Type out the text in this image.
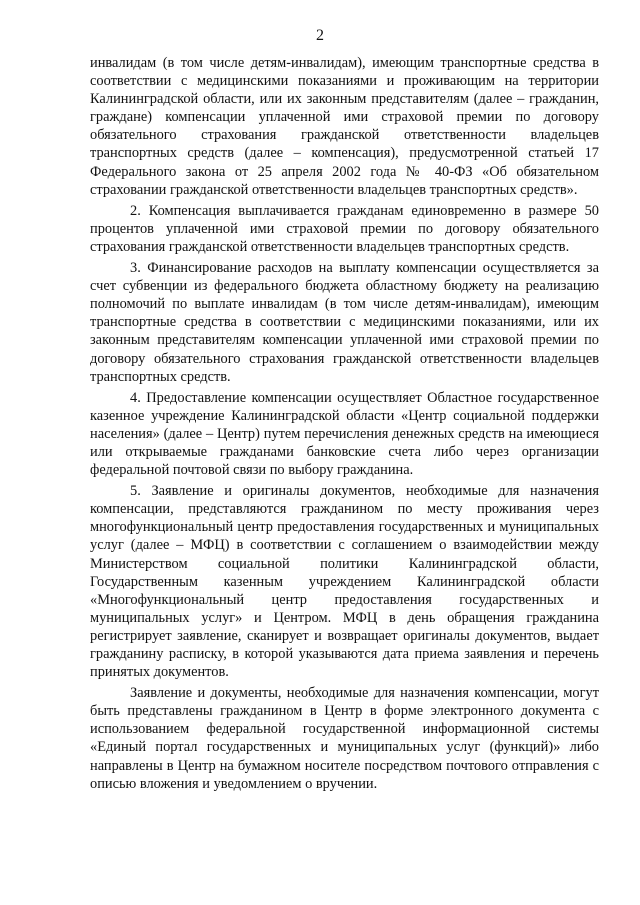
2

инвалидам (в том числе детям-инвалидам), имеющим транспортные средства в соответствии с медицинскими показаниями и проживающим на территории Калининградской области, или их законным представителям (далее – гражданин, граждане) компенсации уплаченной ими страховой премии по договору обязательного страхования гражданской ответственности владельцев транспортных средств (далее – компенсация), предусмотренной статьей 17 Федерального закона от 25 апреля 2002 года № 40-ФЗ «Об обязательном страховании гражданской ответственности владельцев транспортных средств».

2. Компенсация выплачивается гражданам единовременно в размере 50 процентов уплаченной ими страховой премии по договору обязательного страхования гражданской ответственности владельцев транспортных средств.

3. Финансирование расходов на выплату компенсации осуществляется за счет субвенции из федерального бюджета областному бюджету на реализацию полномочий по выплате инвалидам (в том числе детям-инвалидам), имеющим транспортные средства в соответствии с медицинскими показаниями, или их законным представителям компенсации уплаченной ими страховой премии по договору обязательного страхования гражданской ответственности владельцев транспортных средств.

4. Предоставление компенсации осуществляет Областное государственное казенное учреждение Калининградской области «Центр социальной поддержки населения» (далее – Центр) путем перечисления денежных средств на имеющиеся или открываемые гражданами банковские счета либо через организации федеральной почтовой связи по выбору гражданина.

5. Заявление и оригиналы документов, необходимые для назначения компенсации, представляются гражданином по месту проживания через многофункциональный центр предоставления государственных и муниципальных услуг (далее – МФЦ) в соответствии с соглашением о взаимодействии между Министерством социальной политики Калининградской области, Государственным казенным учреждением Калининградской области «Многофункциональный центр предоставления государственных и муниципальных услуг» и Центром. МФЦ в день обращения гражданина регистрирует заявление, сканирует и возвращает оригиналы документов, выдает гражданину расписку, в которой указываются дата приема заявления и перечень принятых документов.

Заявление и документы, необходимые для назначения компенсации, могут быть представлены гражданином в Центр в форме электронного документа с использованием федеральной государственной информационной системы «Единый портал государственных и муниципальных услуг (функций)» либо направлены в Центр на бумажном носителе посредством почтового отправления с описью вложения и уведомлением о вручении.
